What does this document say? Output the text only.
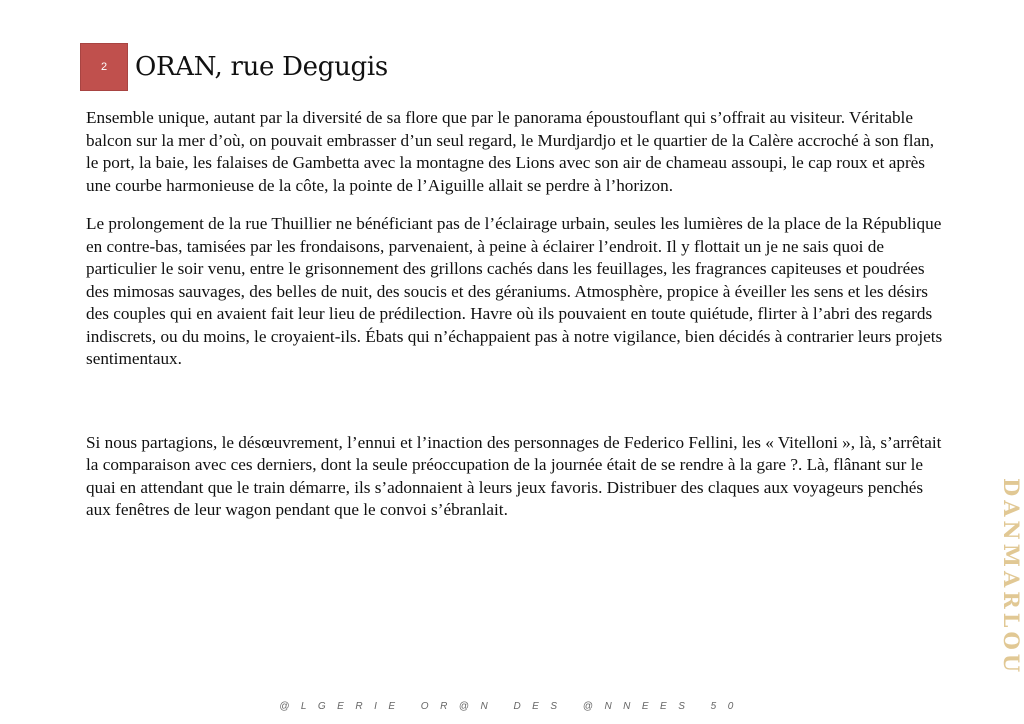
2 ORAN, rue Degugis

Ensemble unique, autant par la diversité de sa flore que par le panorama époustouflant qui s’offrait au visiteur. Véritable balcon sur la mer d’où, on pouvait embrasser d’un seul regard, le Murdjardjo et le quartier de la Calère accroché à son flan, le port, la baie, les falaises de Gambetta avec la montagne des Lions avec son air de chameau assoupi, le cap roux et après une courbe harmonieuse de la côte, la pointe de l’Aiguille allait se perdre à l’horizon.

Le prolongement de la rue Thuillier ne bénéficiant pas de l’éclairage urbain, seules les lumières de la place de la République en contre-bas, tamisées par les frondaisons, parvenaient, à peine à éclairer l’endroit. Il y flottait un je ne sais quoi de particulier le soir venu, entre le grisonnement des grillons cachés dans les feuillages, les fragrances capiteuses et poudrées des mimosas sauvages, des belles de nuit, des soucis et des géraniums. Atmosphère, propice à éveiller les sens et les désirs des couples qui en avaient fait leur lieu de prédilection. Havre où ils pouvaient en toute quiétude, flirter à l’abri des regards indiscrets, ou du moins, le croyaient-ils. Ébats qui n’échappaient pas à notre vigilance, bien décidés à contrarier leurs projets sentimentaux.

Si nous partagions, le désœuvrement, l’ennui et l’inaction des personnages de Federico Fellini, les « Vitelloni », là, s’arrêtait la comparaison avec ces derniers, dont la seule préoccupation de la journée était de se rendre à la gare ?. Là, flânant sur le quai en attendant que le train démarre, ils s’adonnaient à leurs jeux favoris. Distribuer des claques aux voyageurs penchés aux fenêtres de leur wagon pendant que le convoi s’ébranlait.	DANMARLOU
@LGERIE OR@N DES @NNEES 50
